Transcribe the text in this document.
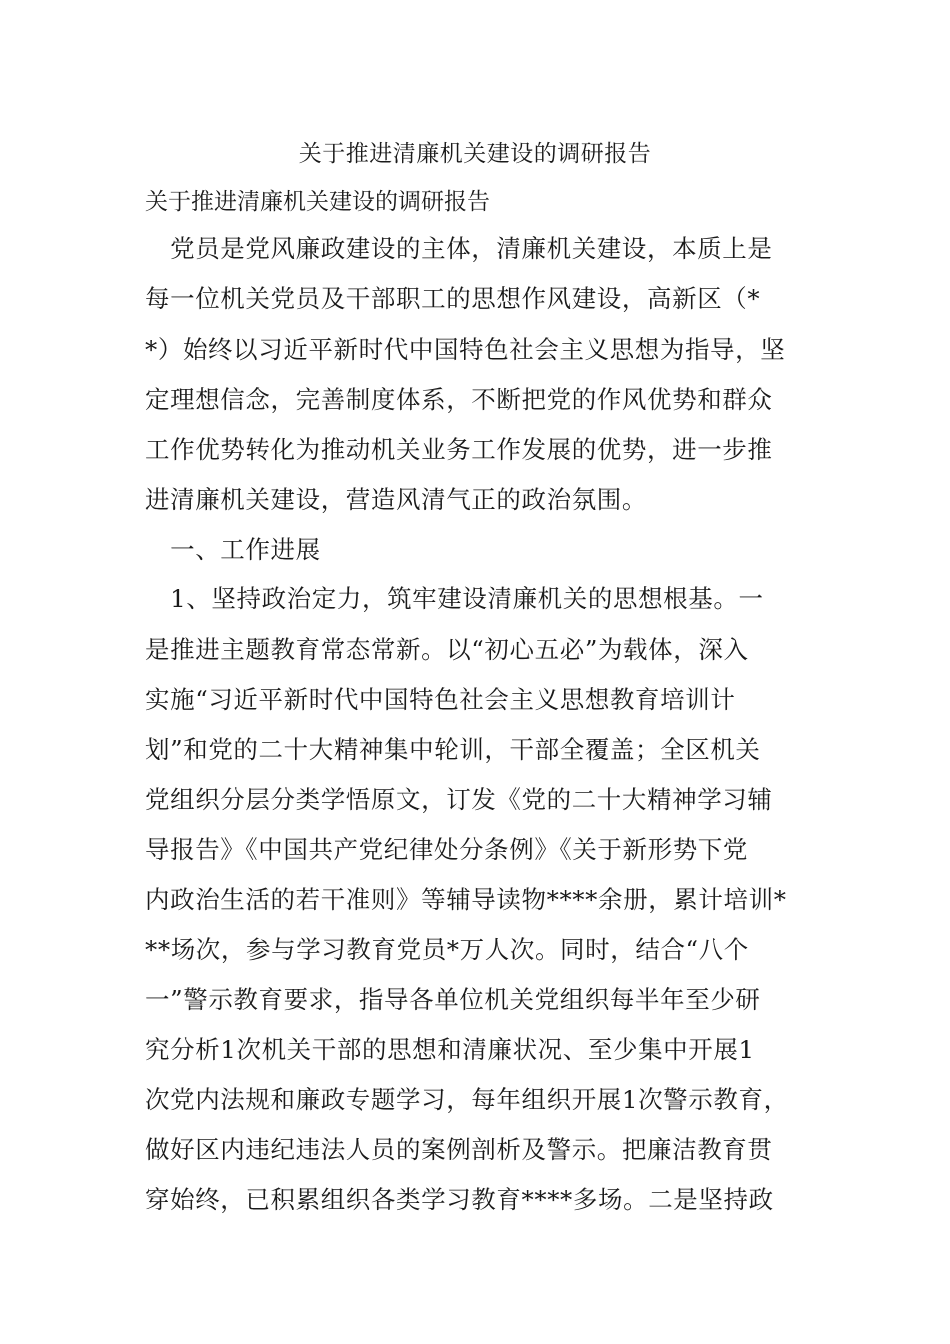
关于推进清廉机关建设的调研报告
关于推进清廉机关建设的调研报告
　党员是党风廉政建设的主体，清廉机关建设，本质上是
每一位机关党员及干部职工的思想作风建设，高新区（*
*）始终以习近平新时代中国特色社会主义思想为指导，坚
定理想信念，完善制度体系，不断把党的作风优势和群众
工作优势转化为推动机关业务工作发展的优势，进一步推
进清廉机关建设，营造风清气正的政治氛围。
　一、工作进展
　1、坚持政治定力，筑牢建设清廉机关的思想根基。一
是推进主题教育常态常新。以“初心五必”为载体，深入
实施“习近平新时代中国特色社会主义思想教育培训计
划”和党的二十大精神集中轮训，干部全覆盖；全区机关
党组织分层分类学悟原文，订发《党的二十大精神学习辅
导报告》《中国共产党纪律处分条例》《关于新形势下党
内政治生活的若干准则》等辅导读物****余册，累计培训*
**场次，参与学习教育党员*万人次。同时，结合“八个
一”警示教育要求，指导各单位机关党组织每半年至少研
究分析1次机关干部的思想和清廉状况、至少集中开展1
次党内法规和廉政专题学习，每年组织开展1次警示教育，
做好区内违纪违法人员的案例剖析及警示。把廉洁教育贯
穿始终，已积累组织各类学习教育****多场。二是坚持政
